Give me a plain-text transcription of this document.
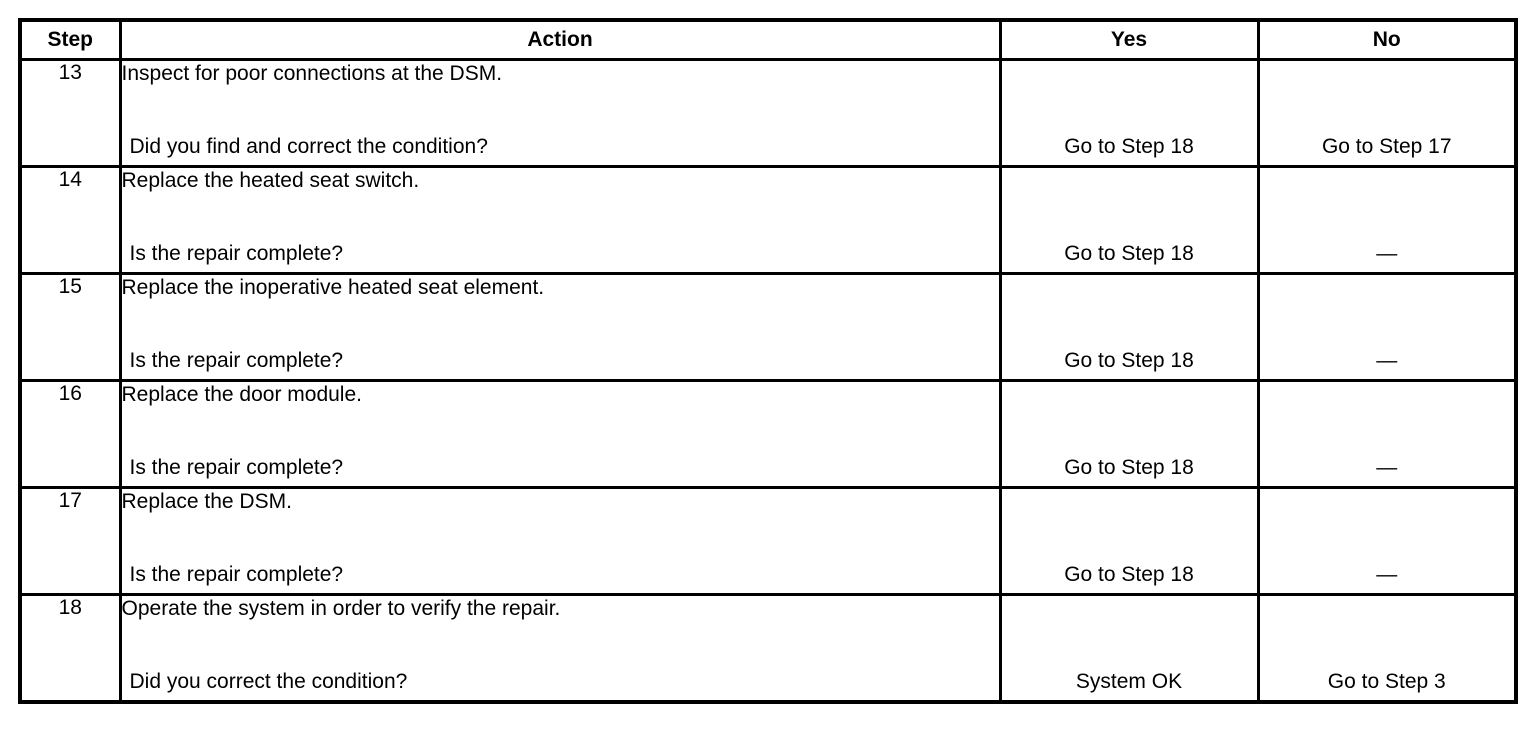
Step	Action	Yes	No
13	Inspect for poor connections at the DSM.
Did you find and correct the condition?	Go to Step 18	Go to Step 17

14	Replace the heated seat switch.
Is the repair complete?	Go to Step 18	—

15	Replace the inoperative heated seat element.
Is the repair complete?	Go to Step 18	—

16	Replace the door module.
Is the repair complete?	Go to Step 18	—

17	Replace the DSM.
Is the repair complete?	Go to Step 18	—

18	Operate the system in order to verify the repair.
Did you correct the condition?	System OK	Go to Step 3
